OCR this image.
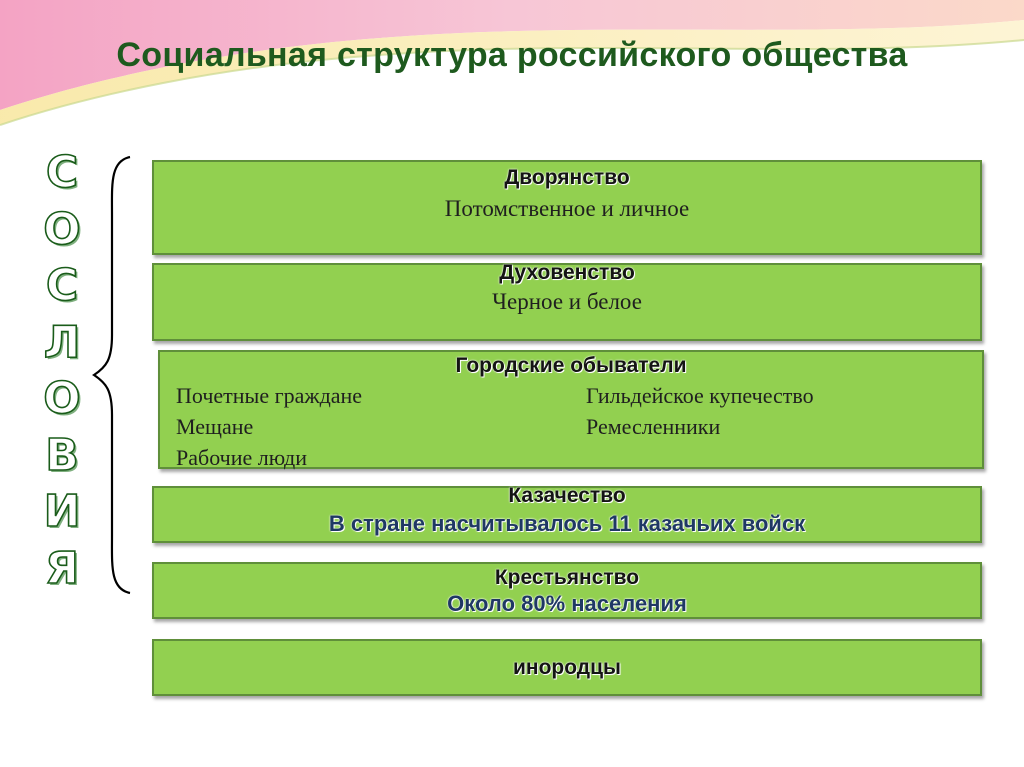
Социальная структура российского общества
С
О
С
Л
О
В
И
Я
Дворянство
Потомственное и личное
Духовенство
Черное и белое
Городские обыватели
Почетные граждане	Гильдейское купечество
Мещане	Ремесленники
Рабочие люди
Казачество
В стране насчитывалось 11 казачьих войск
Крестьянство
Около 80% населения
инородцы
